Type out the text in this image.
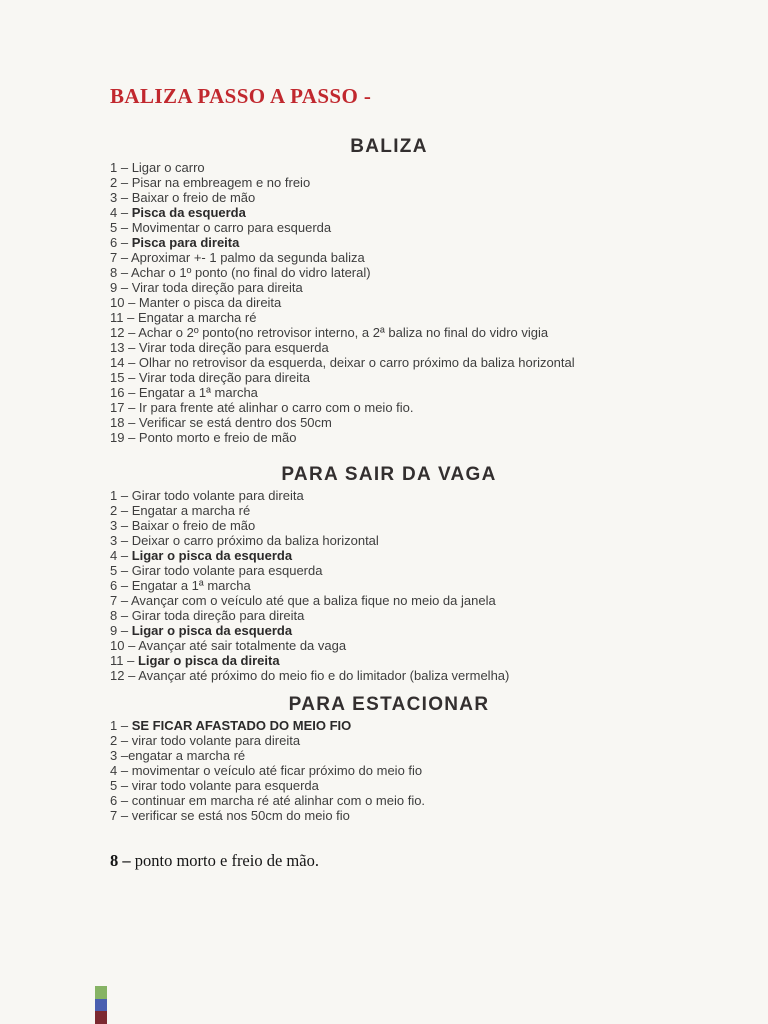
BALIZA PASSO A PASSO -
BALIZA
1 – Ligar o carro
2 – Pisar na embreagem e no freio
3 – Baixar o freio de mão
4 – Pisca da esquerda
5 – Movimentar o carro para esquerda
6 – Pisca para direita
7 – Aproximar +- 1 palmo da segunda baliza
8 – Achar o 1º ponto (no final do vidro lateral)
9 – Virar toda direção para direita
10 – Manter o pisca da direita
11 – Engatar a marcha ré
12 – Achar o 2º ponto(no retrovisor interno, a 2ª baliza no final do vidro vigia
13 – Virar toda direção para esquerda
14 – Olhar no retrovisor da esquerda, deixar o carro próximo da baliza horizontal
15 – Virar toda direção para direita
16 – Engatar a 1ª marcha
17 – Ir para frente até alinhar o carro com o meio fio.
18 – Verificar se está dentro dos 50cm
19 – Ponto morto e freio de mão
PARA SAIR DA VAGA
1 – Girar todo volante para direita
2 – Engatar a marcha ré
3 – Baixar o freio de mão
3 – Deixar o carro próximo da baliza horizontal
4 – Ligar o pisca da esquerda
5 – Girar todo volante para esquerda
6 – Engatar a 1ª marcha
7 – Avançar com o veículo até que a baliza fique no meio da janela
8 – Girar toda direção para direita
9 – Ligar o pisca da esquerda
10 – Avançar até sair totalmente da vaga
11 – Ligar o pisca da direita
12 – Avançar até próximo do meio fio e do limitador (baliza vermelha)
PARA ESTACIONAR
1 – SE FICAR AFASTADO DO MEIO FIO
2 – virar todo volante para direita
3 –engatar a marcha ré
4 – movimentar o veículo até ficar próximo do meio fio
5 – virar todo volante para esquerda
6 – continuar em marcha ré até alinhar com o meio fio.
7 – verificar se está nos 50cm do meio fio

8 – ponto morto e freio de mão.
